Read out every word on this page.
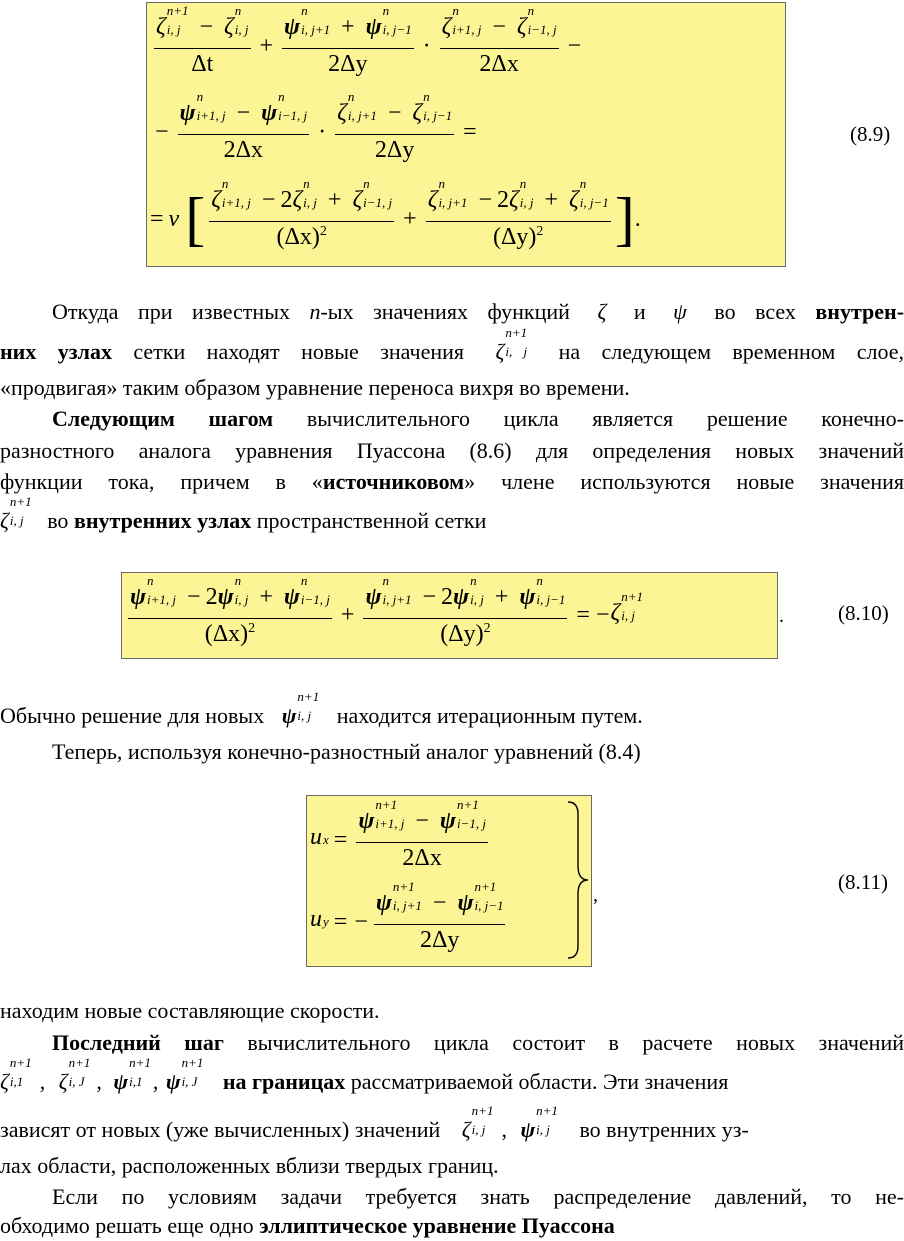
ζ
n+1
i, j − ζ
n
i, j
Δt + ψ
n
i, j+1 + ψ
n
i, j−1
2Δy · ζ
n
i+1, j − ζ
n
i−1, j
2Δx −
− ψ
n
i+1, j − ψ
n
i−1, j
2Δx · ζ
n
i, j+1 − ζ
n
i, j−1
2Δy =
= ν [ ζ
n
i+1, j − 2 ζ
n
i, j + ζ
n
i−1, j
$(\Delta x)^2 + \zeta$
n
i, j+1 − 2 ζ
n
i, j + ζ
n
i, j−1
$(\Delta y)^2$ ] .
(8.9)
Откуда при известных n-ых значениях функций ζ и ψ во всех внутрен-
них узлах сетки находят новые значения ζ
n+1
i, j на следующем временном слое,
«продвигая» таким образом уравнение переноса вихря во времени.
Следующим шагом вычислительного цикла является решение конечно-
разностного аналога уравнения Пуассона (8.6) для определения новых значений
функции тока, причем в «источниковом» члене используются новые значения
ζ
n+1
i, j	во внутренних узлах пространственной сетки
ψ
n
i+1, j − 2 ψ
n
i, j + ψ
n
i−1, j
$(\Delta x)^2 + \psi$
n
i, j+1 − 2 ψ
n
i, j + ψ
n
i, j−1
$(\Delta y)^2$ = − ζ
n+1
i, j	.	(8.10)
Обычно решение для новых ψ
n+1
i, j	находится итерационным путем.
Теперь, используя конечно-разностный аналог уравнений (8.4)
u x = ψ
n+1
i+1, j − ψ
n+1
i−1, j
2Δx
u y = − ψ
n+1
i, j+1 − ψ
n+1
i, j−1
2Δy	,
(8.11)
находим новые составляющие скорости.
Последний шаг вычислительного цикла состоит в расчете новых значений
ζ
n+1
i,1 , ζ
n+1
i, J , ψ
n+1
i,1 , ψ
n+1
i, J на границах рассматриваемой области. Эти значения
зависят от новых (уже вычисленных) значений ζ
n+1
i, j , ψ
n+1
i, j	во внутренних уз-
лах области, расположенных вблизи твердых границ.
Если по условиям задачи требуется знать распределение давлений, то не-
обходимо решать еще одно эллиптическое уравнение Пуассона
